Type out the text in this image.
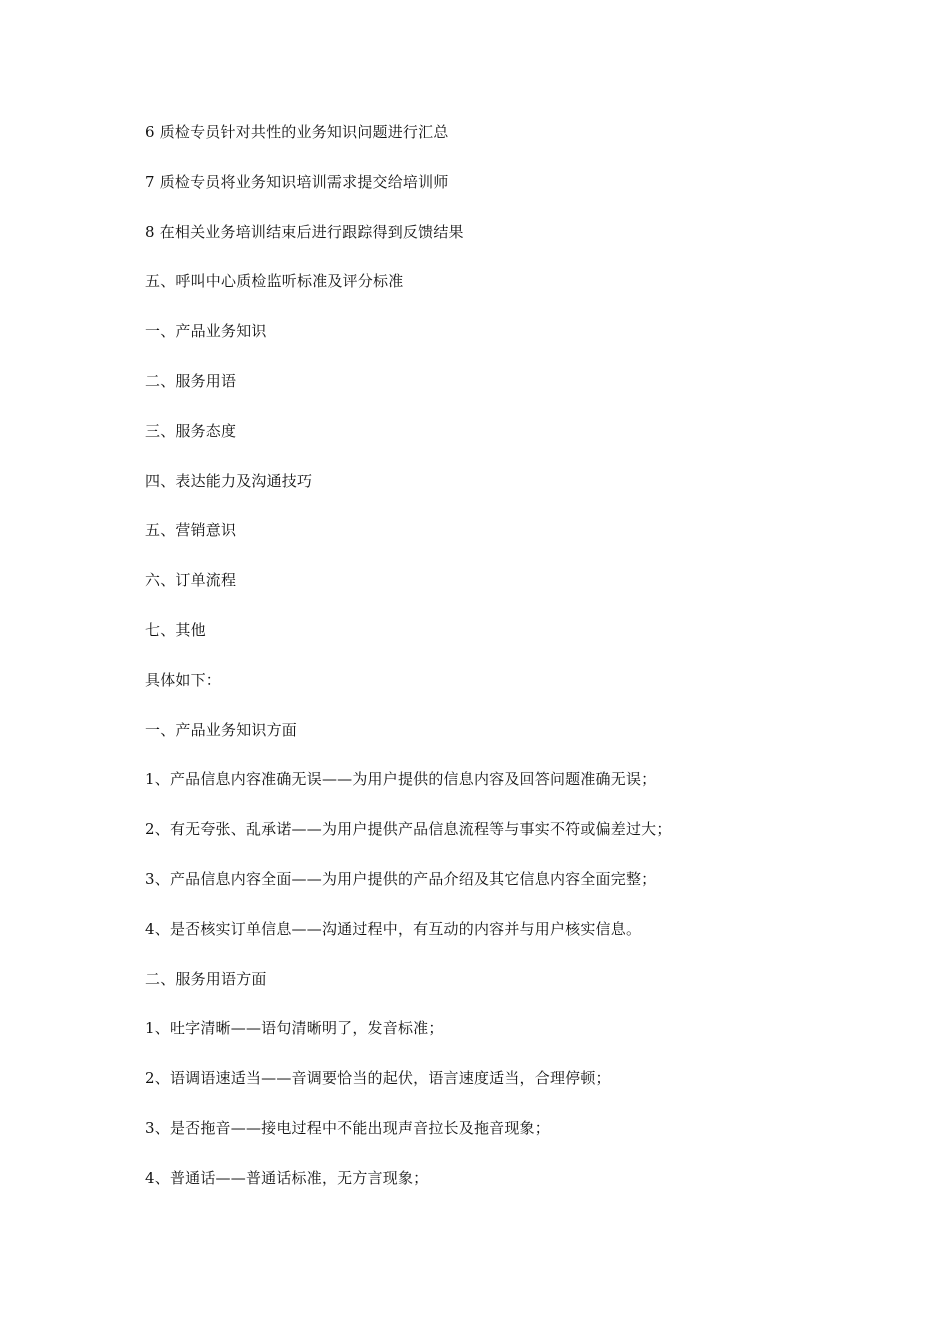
6 质检专员针对共性的业务知识问题进行汇总
7 质检专员将业务知识培训需求提交给培训师
8 在相关业务培训结束后进行跟踪得到反馈结果
五、呼叫中心质检监听标准及评分标准
一、产品业务知识
二、服务用语
三、服务态度
四、表达能力及沟通技巧
五、营销意识
六、订单流程
七、其他
具体如下：
一、产品业务知识方面
1、产品信息内容准确无误——为用户提供的信息内容及回答问题准确无误；
2、有无夸张、乱承诺——为用户提供产品信息流程等与事实不符或偏差过大；
3、产品信息内容全面——为用户提供的产品介绍及其它信息内容全面完整；
4、是否核实订单信息——沟通过程中，有互动的内容并与用户核实信息。
二、服务用语方面
1、吐字清晰——语句清晰明了，发音标准；
2、语调语速适当——音调要恰当的起伏，语言速度适当，合理停顿；
3、是否拖音——接电过程中不能出现声音拉长及拖音现象；
4、普通话——普通话标准，无方言现象；
